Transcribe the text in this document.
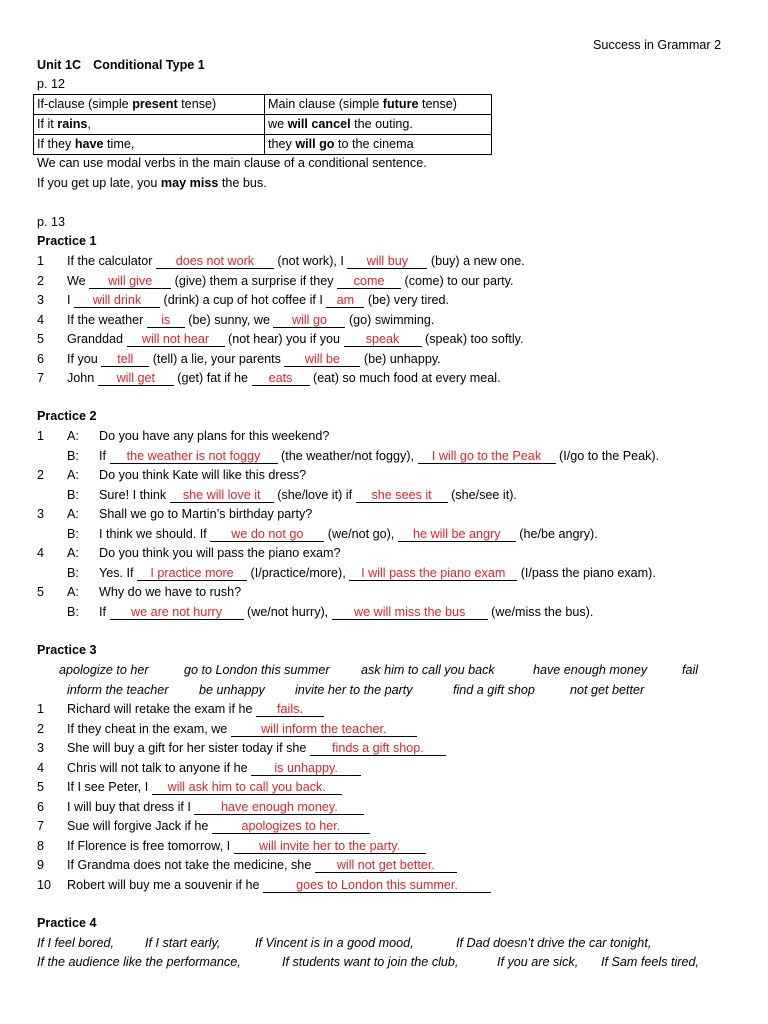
Success in Grammar 2
Unit 1C Conditional Type 1
p. 12
If-clause (simple present tense)	Main clause (simple future tense)
If it rains,	we will cancel the outing.
If they have time,	they will go to the cinema
We can use modal verbs in the main clause of a conditional sentence.
If you get up late, you may miss the bus.
p. 13
Practice 1
1 If the calculator does not work (not work), I will buy (buy) a new one.
2 We will give (give) them a surprise if they come (come) to our party.
3 I will drink (drink) a cup of hot coffee if I am (be) very tired.
4 If the weather is (be) sunny, we will go (go) swimming.
5 Granddad will not hear (not hear) you if you speak (speak) too softly.
6 If you tell (tell) a lie, your parents will be (be) unhappy.
7 John will get (get) fat if he eats (eat) so much food at every meal.
Practice 2
1 A: Do you have any plans for this weekend?
B: If the weather is not foggy (the weather/not foggy), I will go to the Peak (I/go to the Peak).
2 A: Do you think Kate will like this dress?
B: Sure! I think she will love it (she/love it) if she sees it (she/see it).
3 A: Shall we go to Martin’s birthday party?
B: I think we should. If we do not go (we/not go), he will be angry (he/be angry).
4 A: Do you think you will pass the piano exam?
B: Yes. If I practice more (I/practice/more), I will pass the piano exam (I/pass the piano exam).
5 A: Why do we have to rush?
B: If we are not hurry (we/not hurry), we will miss the bus (we/miss the bus).
Practice 3
apologize to her	go to London this summer ask him to call you back	have enough money	fail
inform the teacher be unhappy invite her to the party	find a gift shop	not get better
1 Richard will retake the exam if he fails.
2 If they cheat in the exam, we will inform the teacher.
3 She will buy a gift for her sister today if she finds a gift shop.
4 Chris will not talk to anyone if he is unhappy.
5 If I see Peter, I will ask him to call you back.
6 I will buy that dress if I have enough money.
7 Sue will forgive Jack if he apologizes to her.
8 If Florence is free tomorrow, I will invite her to the party.
9 If Grandma does not take the medicine, she will not get better.
10 Robert will buy me a souvenir if he	goes to London this summer.
Practice 4
If I feel bored, If I start early,	If Vincent is in a good mood,	If Dad doesn’t drive the car tonight,
If the audience like the performance,	If students want to join the club,	If you are sick, If Sam feels tired,
